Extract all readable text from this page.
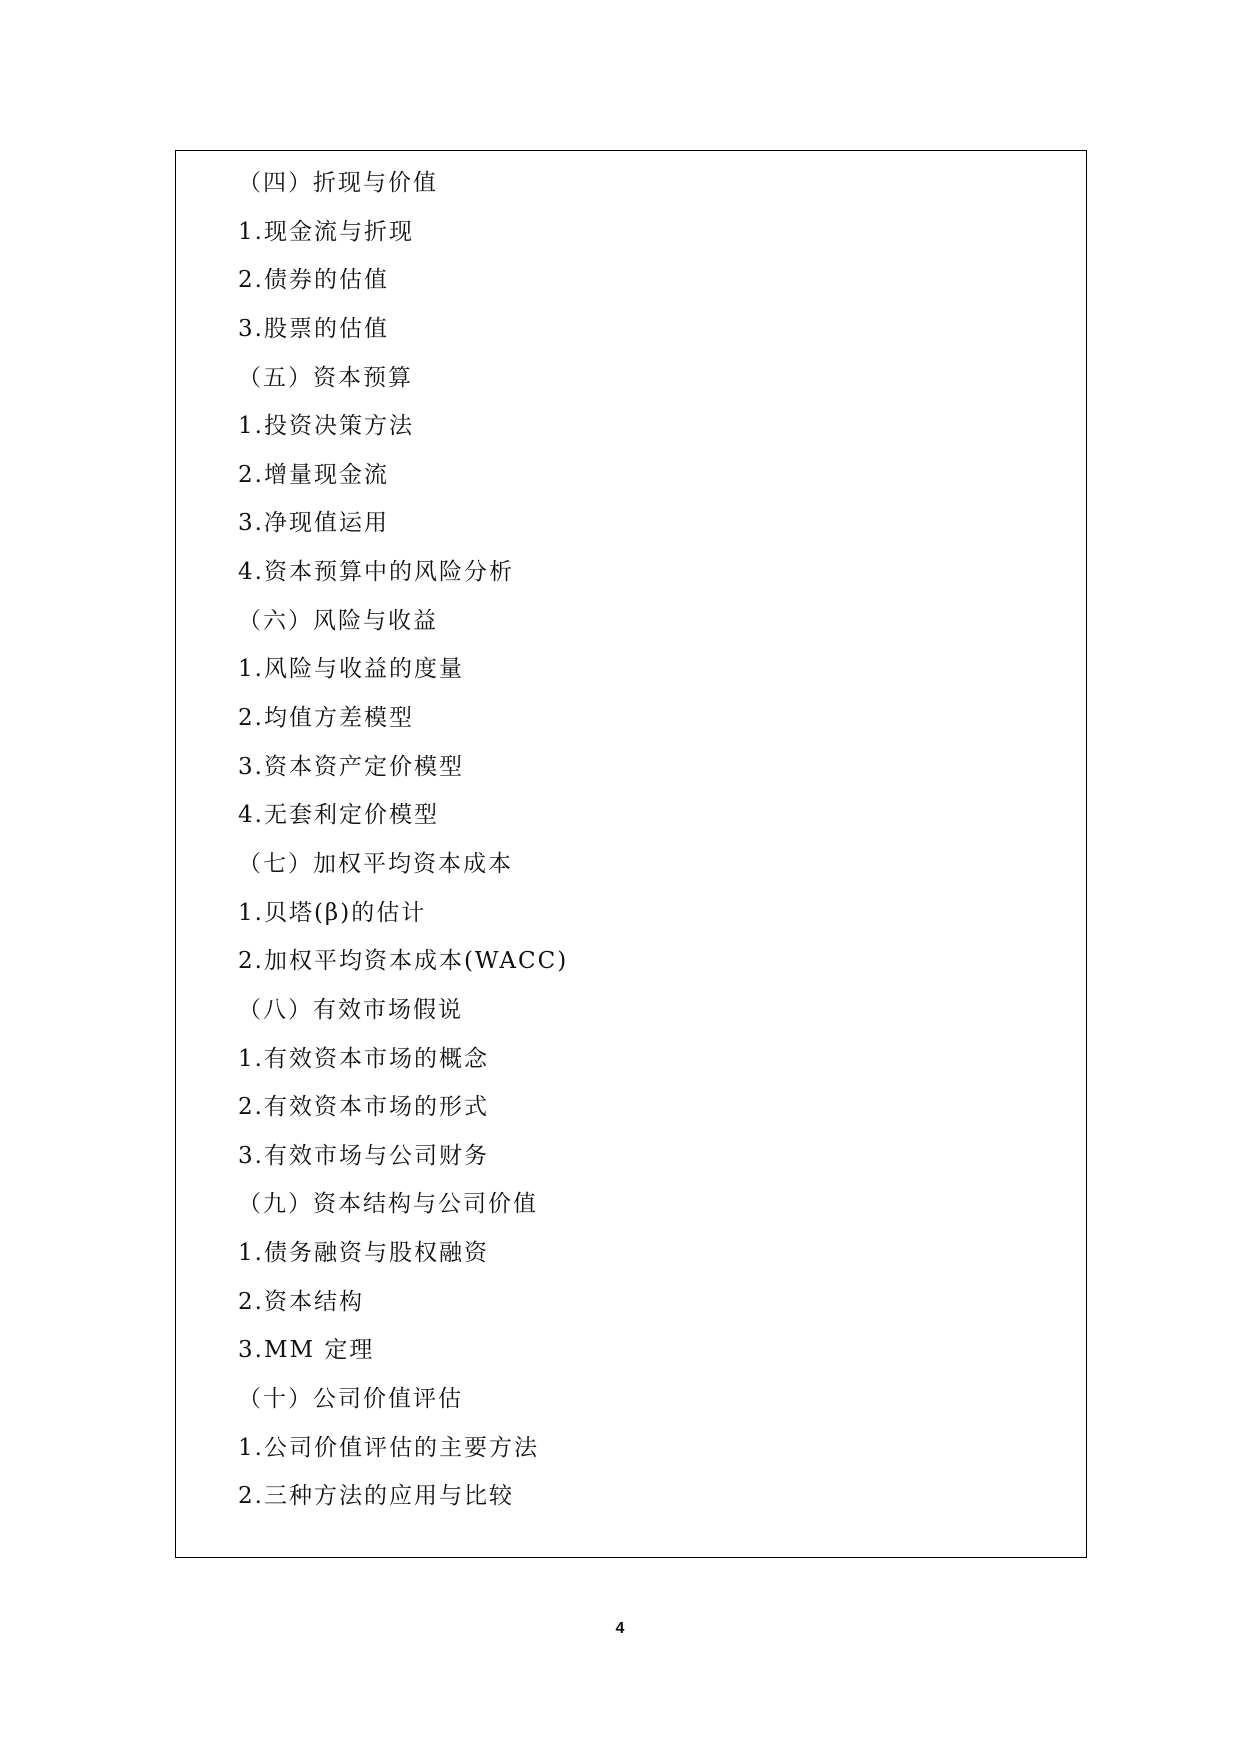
（四）折现与价值
1.现金流与折现
2.债券的估值
3.股票的估值
（五）资本预算
1.投资决策方法
2.增量现金流
3.净现值运用
4.资本预算中的风险分析
（六）风险与收益
1.风险与收益的度量
2.均值方差模型
3.资本资产定价模型
4.无套利定价模型
（七）加权平均资本成本
1.贝塔(β)的估计
2.加权平均资本成本(WACC)
（八）有效市场假说
1.有效资本市场的概念
2.有效资本市场的形式
3.有效市场与公司财务
（九）资本结构与公司价值
1.债务融资与股权融资
2.资本结构
3.MM 定理
（十）公司价值评估
1.公司价值评估的主要方法
2.三种方法的应用与比较
4
